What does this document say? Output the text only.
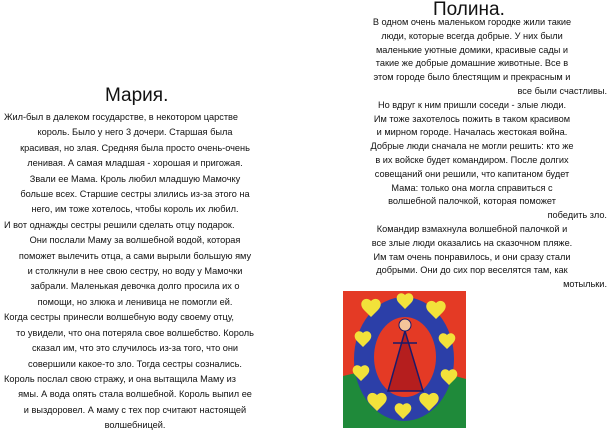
Мария.
Жил-был в далеком государстве, в некотором царстве
король. Было у него 3 дочери. Старшая была
красивая, но злая. Средняя была просто очень-очень
ленивая. А самая младшая - хорошая и пригожая.
Звали ее Мама. Кроль любил младшую Мамочку
больше всех. Старшие сестры злились из-за этого на
него, им тоже хотелось, чтобы король их любил.
И вот однажды сестры решили сделать отцу подарок.
Они послали Маму за волшебной водой, которая
поможет вылечить отца, а сами вырыли большую яму
и столкнули в нее свою сестру, но воду у Мамочки
забрали. Маленькая девочка долго просила их о
помощи, но злюка и ленивица не помогли ей.
Когда сестры принесли волшебную воду своему отцу,
то увидели, что она потеряла свое волшебство. Король
сказал им, что это случилось из-за того, что они
совершили какое-то зло. Тогда сестры сознались.
Король послал свою стражу, и она вытащила Маму из
ямы. А вода опять стала волшебной. Король выпил ее
и выздоровел. А маму с тех пор считают настоящей
волшебницей.
Полина.
В одном очень маленьком городке жили такие
люди, которые всегда добрые. У них были
маленькие уютные домики, красивые сады и
такие же добрые домашние животные. Все в
этом городе было блестящим и прекрасным и
все были счастливы.
Но вдруг к ним пришли соседи - злые люди.
Им тоже захотелось пожить в таком красивом
и мирном городе. Началась жестокая война.
Добрые люди сначала не могли решить: кто же
в их войске будет командиром. После долгих
совещаний они решили, что капитаном будет
Мама: только она могла справиться с
волшебной палочкой, которая поможет
победить зло.
Командир взмахнула волшебной палочкой и
все злые люди оказались на сказочном пляже.
Им там очень понравилось, и они сразу стали
добрыми. Они до сих пор веселятся там, как
мотыльки.
